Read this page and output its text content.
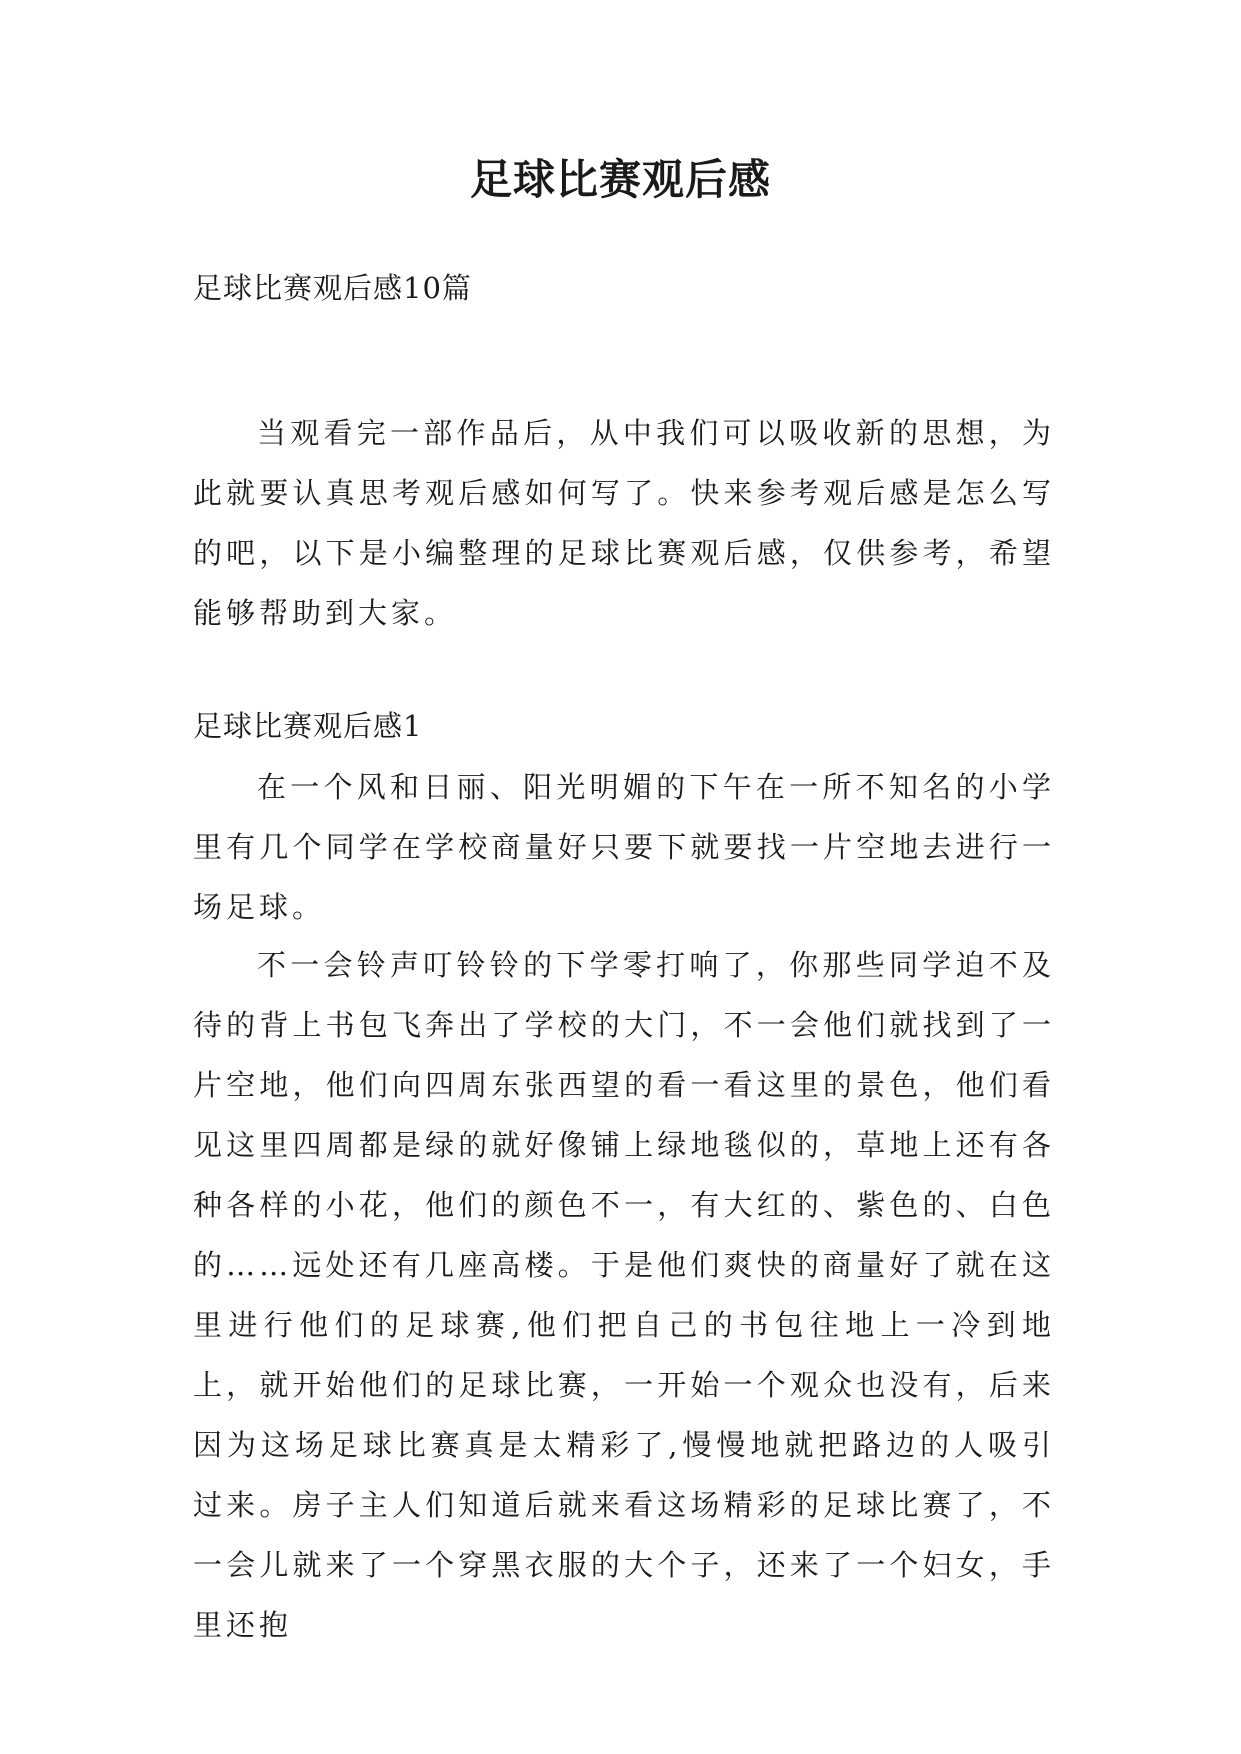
足球比赛观后感

足球比赛观后感10篇

当观看完一部作品后，从中我们可以吸收新的思想，为此就要认真思考观后感如何写了。快来参考观后感是怎么写的吧，以下是小编整理的足球比赛观后感，仅供参考，希望能够帮助到大家。

足球比赛观后感1

在一个风和日丽、阳光明媚的下午在一所不知名的小学里有几个同学在学校商量好只要下就要找一片空地去进行一场足球。

不一会铃声叮铃铃的下学零打响了，你那些同学迫不及待的背上书包飞奔出了学校的大门，不一会他们就找到了一片空地，他们向四周东张西望的看一看这里的景色，他们看见这里四周都是绿的就好像铺上绿地毯似的，草地上还有各种各样的小花，他们的颜色不一，有大红的、紫色的、白色的……远处还有几座高楼。于是他们爽快的商量好了就在这里进行他们的足球赛,他们把自己的书包往地上一冷到地上，就开始他们的足球比赛，一开始一个观众也没有，后来因为这场足球比赛真是太精彩了,慢慢地就把路边的人吸引过来。房子主人们知道后就来看这场精彩的足球比赛了，不一会儿就来了一个穿黑衣服的大个子，还来了一个妇女，手里还抱
